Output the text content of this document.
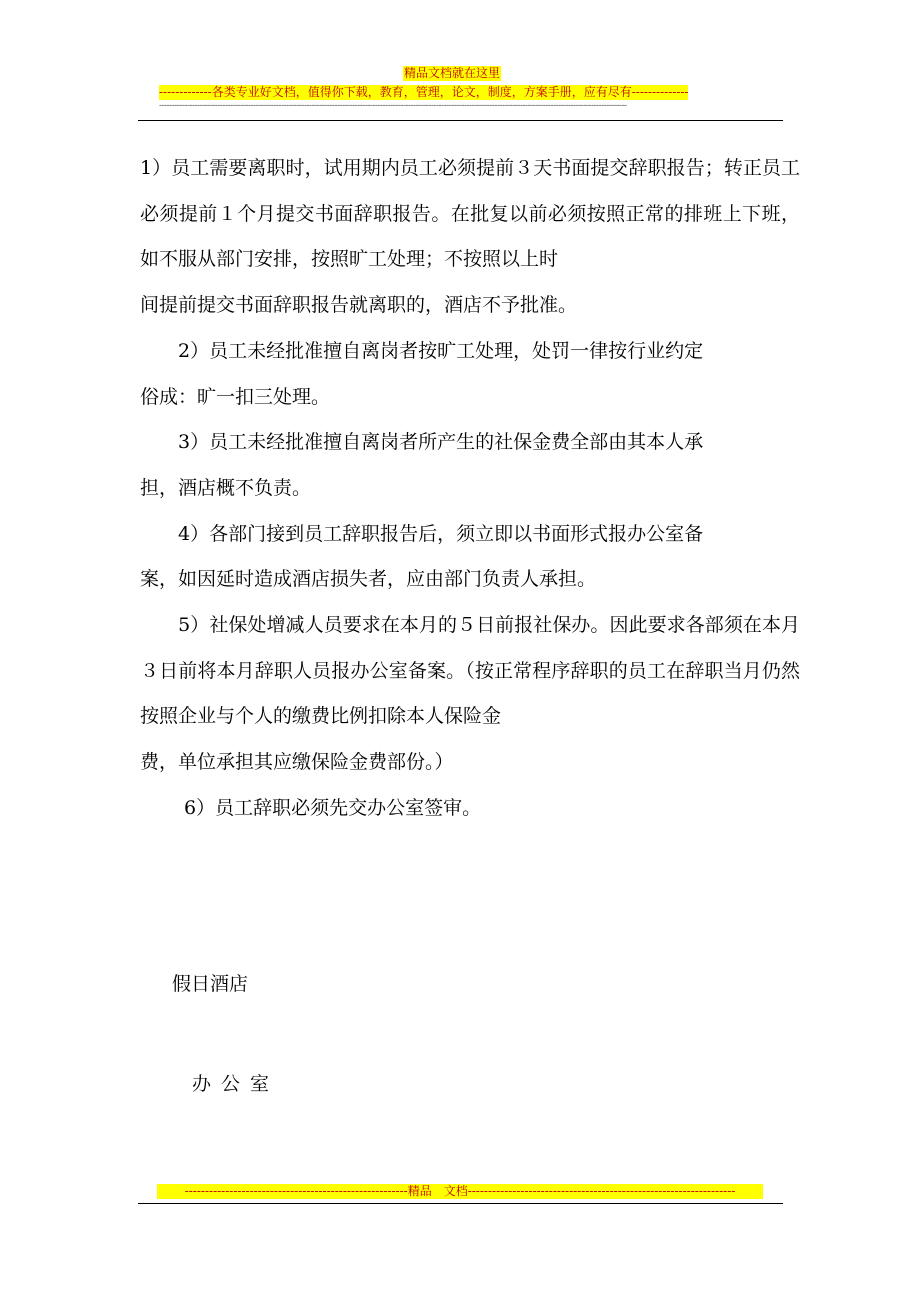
精品文档就在这里
-------------各类专业好文档，值得你下载，教育，管理，论文，制度，方案手册，应有尽有--------------
----------------------------------------------------------------------------------------------------------------------------------------------------------------------------------------

1）员工需要离职时，试用期内员工必须提前３天书面提交辞职报告；转正员工必须提前１个月提交书面辞职报告。在批复以前必须按照正常的排班上下班，如不服从部门安排，按照旷工处理；不按照以上时
间提前提交书面辞职报告就离职的，酒店不予批准。

　　2）员工未经批准擅自离岗者按旷工处理，处罚一律按行业约定
俗成：旷一扣三处理。

　　3）员工未经批准擅自离岗者所产生的社保金费全部由其本人承
担，酒店概不负责。

　　4）各部门接到员工辞职报告后，须立即以书面形式报办公室备
案，如因延时造成酒店损失者，应由部门负责人承担。

　　5）社保处增减人员要求在本月的５日前报社保办。因此要求各部须在本月３日前将本月辞职人员报办公室备案。（按正常程序辞职的员工在辞职当月仍然按照企业与个人的缴费比例扣除本人保险金
费，单位承担其应缴保险金费部份。）

　　 6）员工辞职必须先交办公室签审。

假日酒店
办公室
-------------------------------------------------------精品　文档------------------------------------------------------------------
